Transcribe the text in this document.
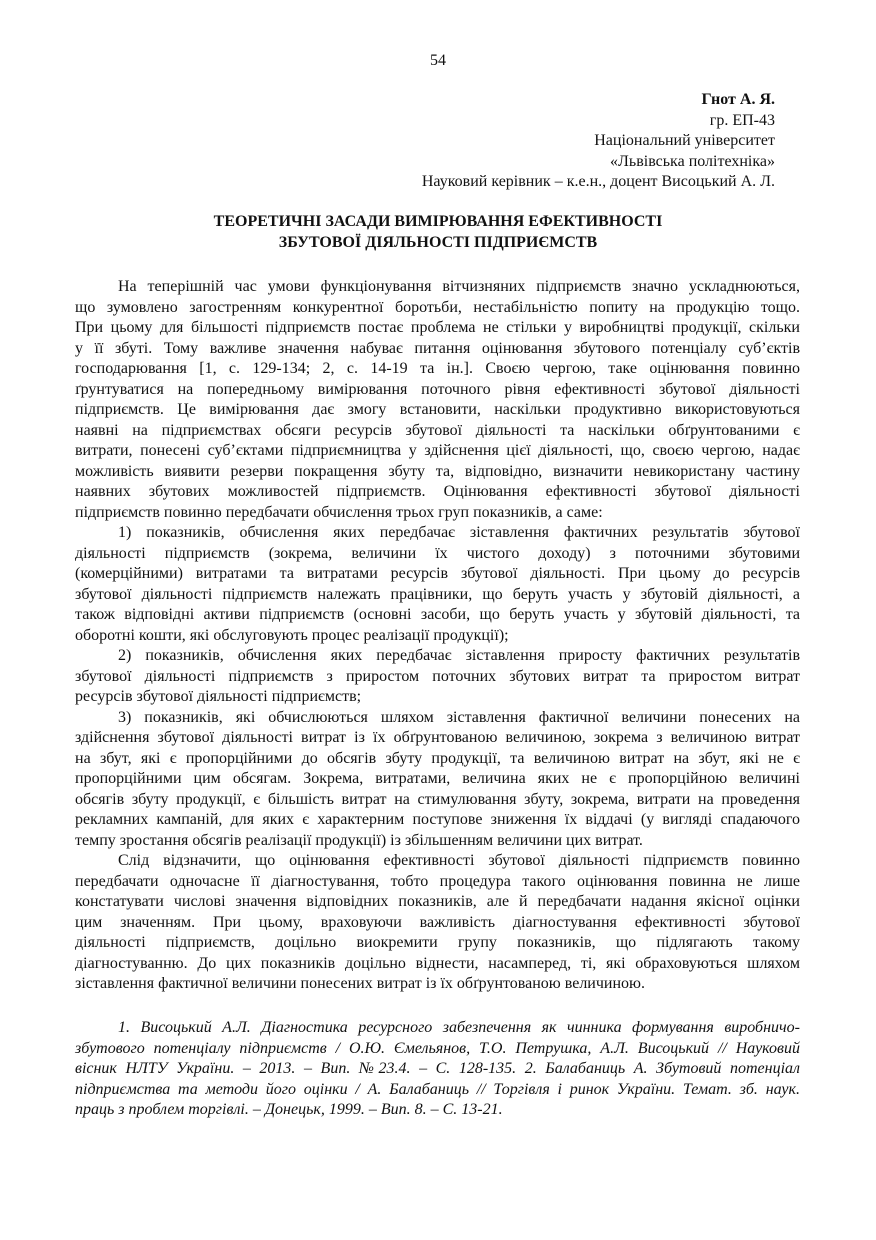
54
Гнот А. Я.
гр. ЕП-43
Національний університет
«Львівська політехніка»
Науковий керівник – к.е.н., доцент Висоцький А. Л.
ТЕОРЕТИЧНІ ЗАСАДИ ВИМІРЮВАННЯ ЕФЕКТИВНОСТІ
ЗБУТОВОЇ ДІЯЛЬНОСТІ ПІДПРИЄМСТВ
На теперішній час умови функціонування вітчизняних підприємств значно ускладнюються,
що зумовлено загостренням конкурентної боротьби, нестабільністю попиту на продукцію тощо.
При цьому для більшості підприємств постає проблема не стільки у виробництві продукції, скільки
у її збуті. Тому важливе значення набуває питання оцінювання збутового потенціалу суб’єктів
господарювання [1, с. 129-134; 2, с. 14-19 та ін.]. Своєю чергою, таке оцінювання повинно
ґрунтуватися на попередньому вимірювання поточного рівня ефективності збутової діяльності
підприємств. Це вимірювання дає змогу встановити, наскільки продуктивно використовуються
наявні на підприємствах обсяги ресурсів збутової діяльності та наскільки обґрунтованими є
витрати, понесені суб’єктами підприємництва у здійснення цієї діяльності, що, своєю чергою, надає
можливість виявити резерви покращення збуту та, відповідно, визначити невикористану частину
наявних збутових можливостей підприємств. Оцінювання ефективності збутової діяльності
підприємств повинно передбачати обчислення трьох груп показників, а саме:
1) показників, обчислення яких передбачає зіставлення фактичних результатів збутової
діяльності підприємств (зокрема, величини їх чистого доходу) з поточними збутовими
(комерційними) витратами та витратами ресурсів збутової діяльності. При цьому до ресурсів
збутової діяльності підприємств належать працівники, що беруть участь у збутовій діяльності, а
також відповідні активи підприємств (основні засоби, що беруть участь у збутовій діяльності, та
оборотні кошти, які обслуговують процес реалізації продукції);
2) показників, обчислення яких передбачає зіставлення приросту фактичних результатів
збутової діяльності підприємств з приростом поточних збутових витрат та приростом витрат
ресурсів збутової діяльності підприємств;
3) показників, які обчислюються шляхом зіставлення фактичної величини понесених на
здійснення збутової діяльності витрат із їх обґрунтованою величиною, зокрема з величиною витрат
на збут, які є пропорційними до обсягів збуту продукції, та величиною витрат на збут, які не є
пропорційними цим обсягам. Зокрема, витратами, величина яких не є пропорційною величині
обсягів збуту продукції, є більшість витрат на стимулювання збуту, зокрема, витрати на проведення
рекламних кампаній, для яких є характерним поступове зниження їх віддачі (у вигляді спадаючого
темпу зростання обсягів реалізації продукції) із збільшенням величини цих витрат.
Слід відзначити, що оцінювання ефективності збутової діяльності підприємств повинно
передбачати одночасне її діагностування, тобто процедура такого оцінювання повинна не лише
констатувати числові значення відповідних показників, але й передбачати надання якісної оцінки
цим значенням. При цьому, враховуючи важливість діагностування ефективності збутової
діяльності підприємств, доцільно виокремити групу показників, що підлягають такому
діагностуванню. До цих показників доцільно віднести, насамперед, ті, які обраховуються шляхом
зіставлення фактичної величини понесених витрат із їх обґрунтованою величиною.
1. Висоцький А.Л. Діагностика ресурсного забезпечення як чинника формування виробничо-
збутового потенціалу підприємств / О.Ю. Ємельянов, Т.О. Петрушка, А.Л. Висоцький // Науковий
вісник НЛТУ України. – 2013. – Вип. №23.4. – С. 128-135. 2. Балабаниць А. Збутовий потенціал
підприємства та методи його оцінки / А. Балабаниць // Торгівля і ринок України. Темат. зб. наук.
праць з проблем торгівлі. – Донецьк, 1999. – Вип. 8. – С. 13-21.
